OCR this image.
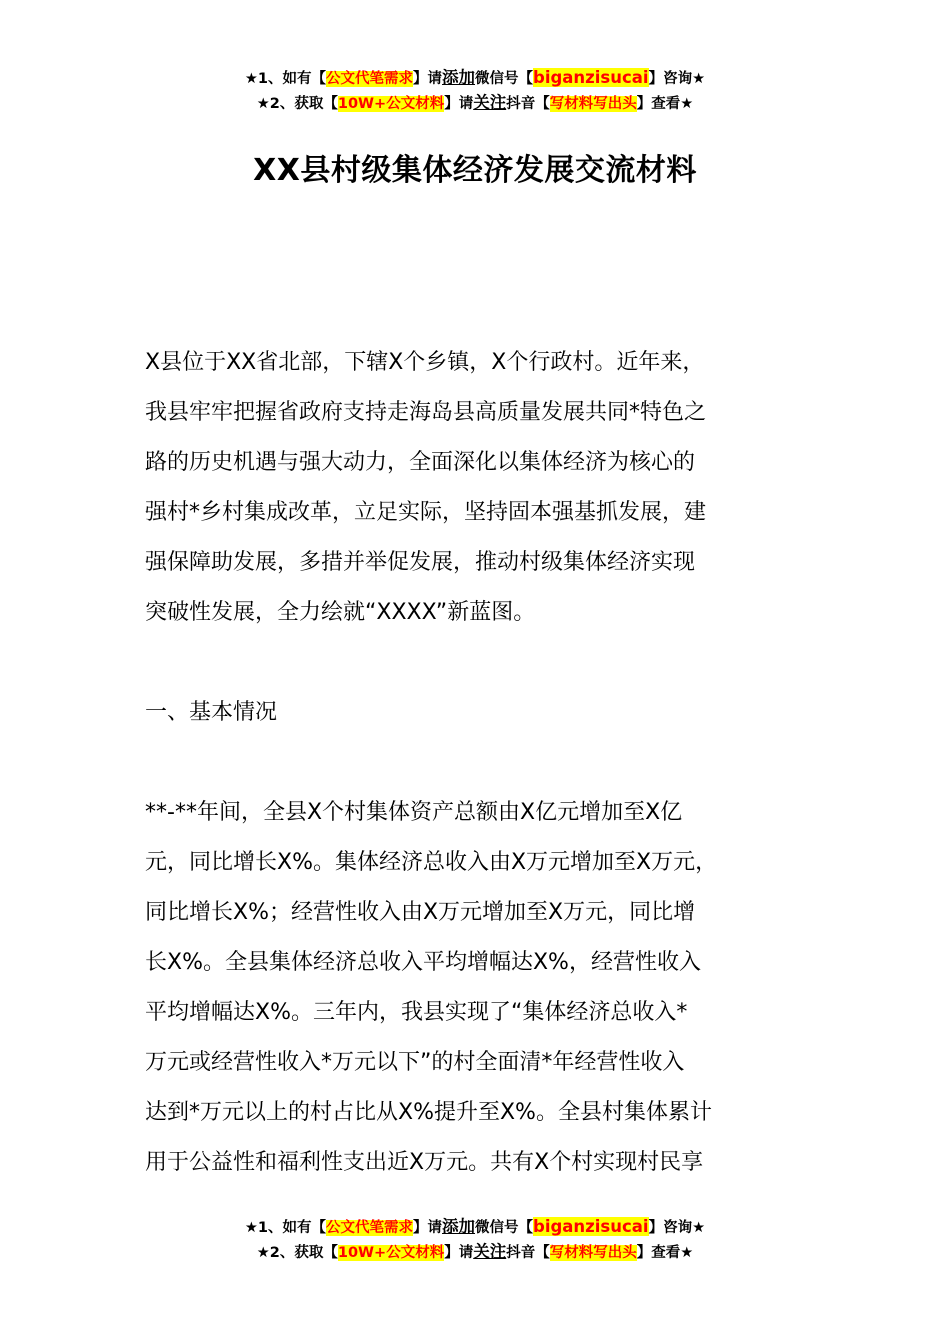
★1、如有【公文代笔需求】请添加微信号【biganzisucai】咨询★
★2、获取【10W+公文材料】请关注抖音【写材料写出头】查看★
XX县村级集体经济发展交流材料

X县位于XX省北部，下辖X个乡镇，X个行政村。近年来，
我县牢牢把握省政府支持走海岛县高质量发展共同*特色之
路的历史机遇与强大动力，全面深化以集体经济为核心的
强村*乡村集成改革，立足实际，坚持固本强基抓发展，建
强保障助发展，多措并举促发展，推动村级集体经济实现
突破性发展，全力绘就“XXXX”新蓝图。

一、基本情况

**-**年间，全县X个村集体资产总额由X亿元增加至X亿
元，同比增长X%。集体经济总收入由X万元增加至X万元，
同比增长X%；经营性收入由X万元增加至X万元，同比增
长X%。全县集体经济总收入平均增幅达X%，经营性收入
平均增幅达X%。三年内，我县实现了“集体经济总收入*
万元或经营性收入*万元以下”的村全面清*年经营性收入
达到*万元以上的村占比从X%提升至X%。全县村集体累计
用于公益性和福利性支出近X万元。共有X个村实现村民享

★1、如有【公文代笔需求】请添加微信号【biganzisucai】咨询★
★2、获取【10W+公文材料】请关注抖音【写材料写出头】查看★
